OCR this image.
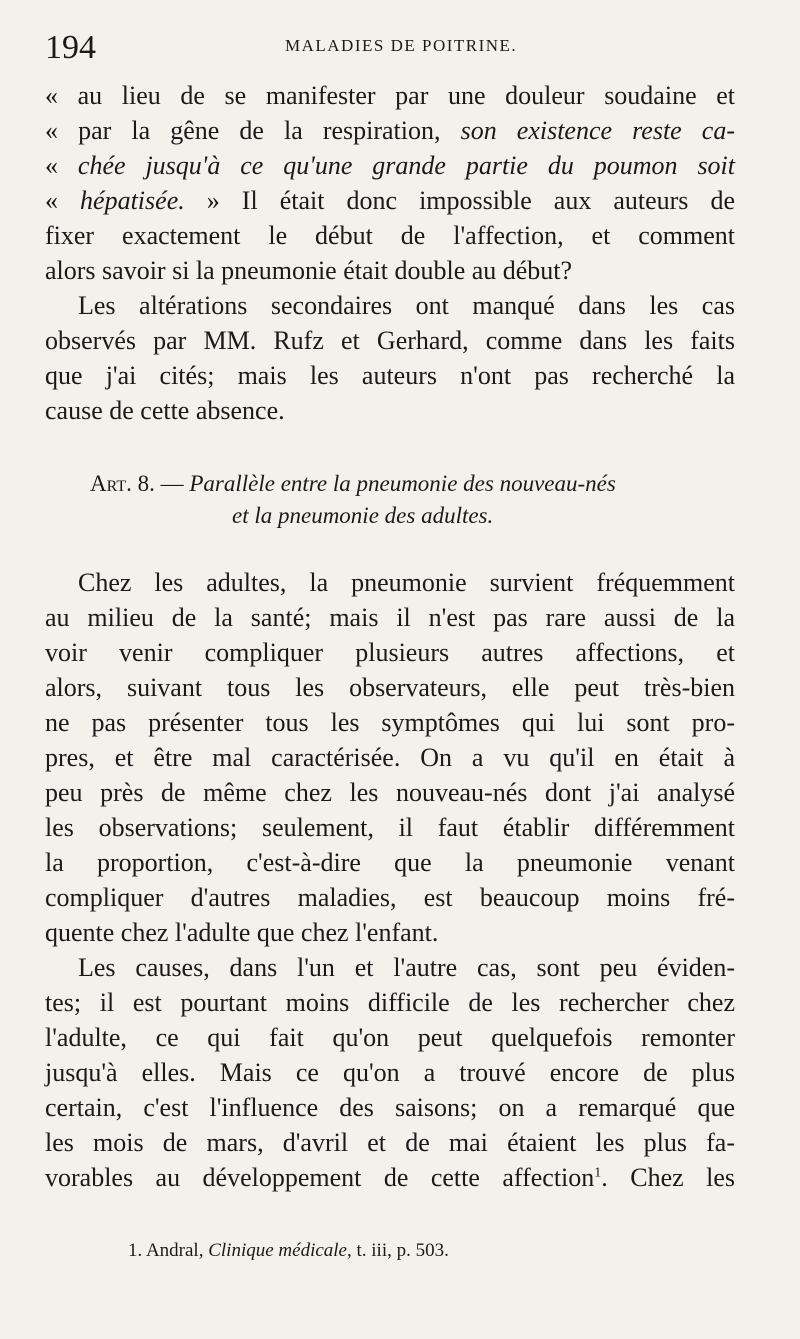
194	MALADIES DE POITRINE.
« au lieu de se manifester par une douleur soudaine et
« par la gêne de la respiration, son existence reste ca-
« chée jusqu'à ce qu'une grande partie du poumon soit
« hépatisée. » Il était donc impossible aux auteurs de
fixer exactement le début de l'affection, et comment
alors savoir si la pneumonie était double au début?
Les altérations secondaires ont manqué dans les cas
observés par MM. Rufz et Gerhard, comme dans les faits
que j'ai cités; mais les auteurs n'ont pas recherché la
cause de cette absence.
Art. 8. — Parallèle entre la pneumonie des nouveau-nés
et la pneumonie des adultes.
Chez les adultes, la pneumonie survient fréquemment
au milieu de la santé; mais il n'est pas rare aussi de la
voir venir compliquer plusieurs autres affections, et
alors, suivant tous les observateurs, elle peut très-bien
ne pas présenter tous les symptômes qui lui sont pro-
pres, et être mal caractérisée. On a vu qu'il en était à
peu près de même chez les nouveau-nés dont j'ai analysé
les observations; seulement, il faut établir différemment
la proportion, c'est-à-dire que la pneumonie venant
compliquer d'autres maladies, est beaucoup moins fré-
quente chez l'adulte que chez l'enfant.
Les causes, dans l'un et l'autre cas, sont peu éviden-
tes; il est pourtant moins difficile de les rechercher chez
l'adulte, ce qui fait qu'on peut quelquefois remonter
jusqu'à elles. Mais ce qu'on a trouvé encore de plus
certain, c'est l'influence des saisons; on a remarqué que
les mois de mars, d'avril et de mai étaient les plus fa-
vorables au développement de cette affection$^1$. Chez les
1. Andral, Clinique médicale, t. iii, p. 503.
